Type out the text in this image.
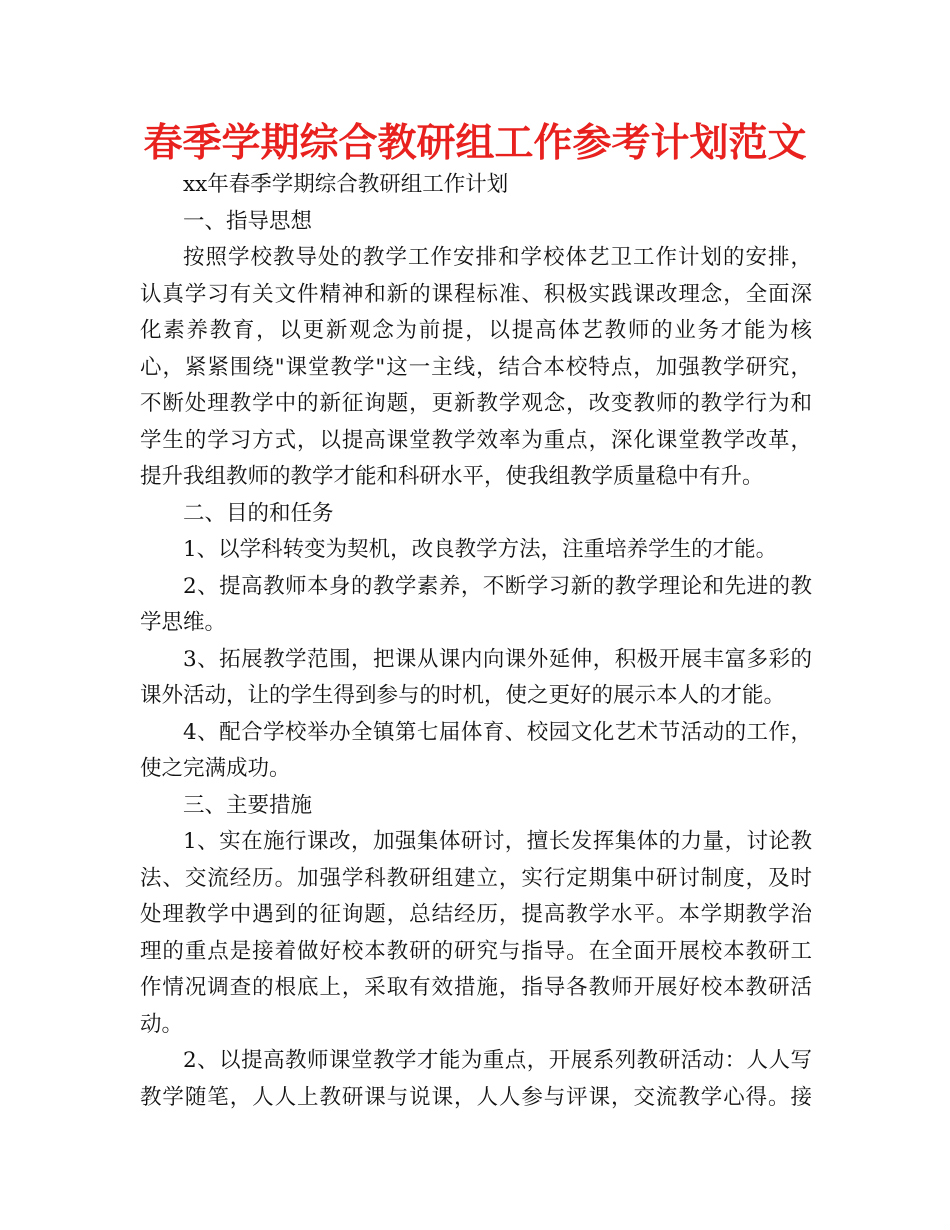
春季学期综合教研组工作参考计划范文
xx年春季学期综合教研组工作计划
一、指导思想
按照学校教导处的教学工作安排和学校体艺卫工作计划的安排，
认真学习有关文件精神和新的课程标准、积极实践课改理念，全面深
化素养教育，以更新观念为前提，以提高体艺教师的业务才能为核
心，紧紧围绕"课堂教学"这一主线，结合本校特点，加强教学研究，
不断处理教学中的新征询题，更新教学观念，改变教师的教学行为和
学生的学习方式，以提高课堂教学效率为重点，深化课堂教学改革，
提升我组教师的教学才能和科研水平，使我组教学质量稳中有升。
二、目的和任务
1、以学科转变为契机，改良教学方法，注重培养学生的才能。
2、提高教师本身的教学素养，不断学习新的教学理论和先进的教
学思维。
3、拓展教学范围，把课从课内向课外延伸，积极开展丰富多彩的
课外活动，让的学生得到参与的时机，使之更好的展示本人的才能。
4、配合学校举办全镇第七届体育、校园文化艺术节活动的工作，
使之完满成功。
三、主要措施
1、实在施行课改，加强集体研讨，擅长发挥集体的力量，讨论教
法、交流经历。加强学科教研组建立，实行定期集中研讨制度，及时
处理教学中遇到的征询题，总结经历，提高教学水平。本学期教学治
理的重点是接着做好校本教研的研究与指导。在全面开展校本教研工
作情况调查的根底上，采取有效措施，指导各教师开展好校本教研活
动。
2、以提高教师课堂教学才能为重点，开展系列教研活动：人人写
教学随笔，人人上教研课与说课，人人参与评课，交流教学心得。接
